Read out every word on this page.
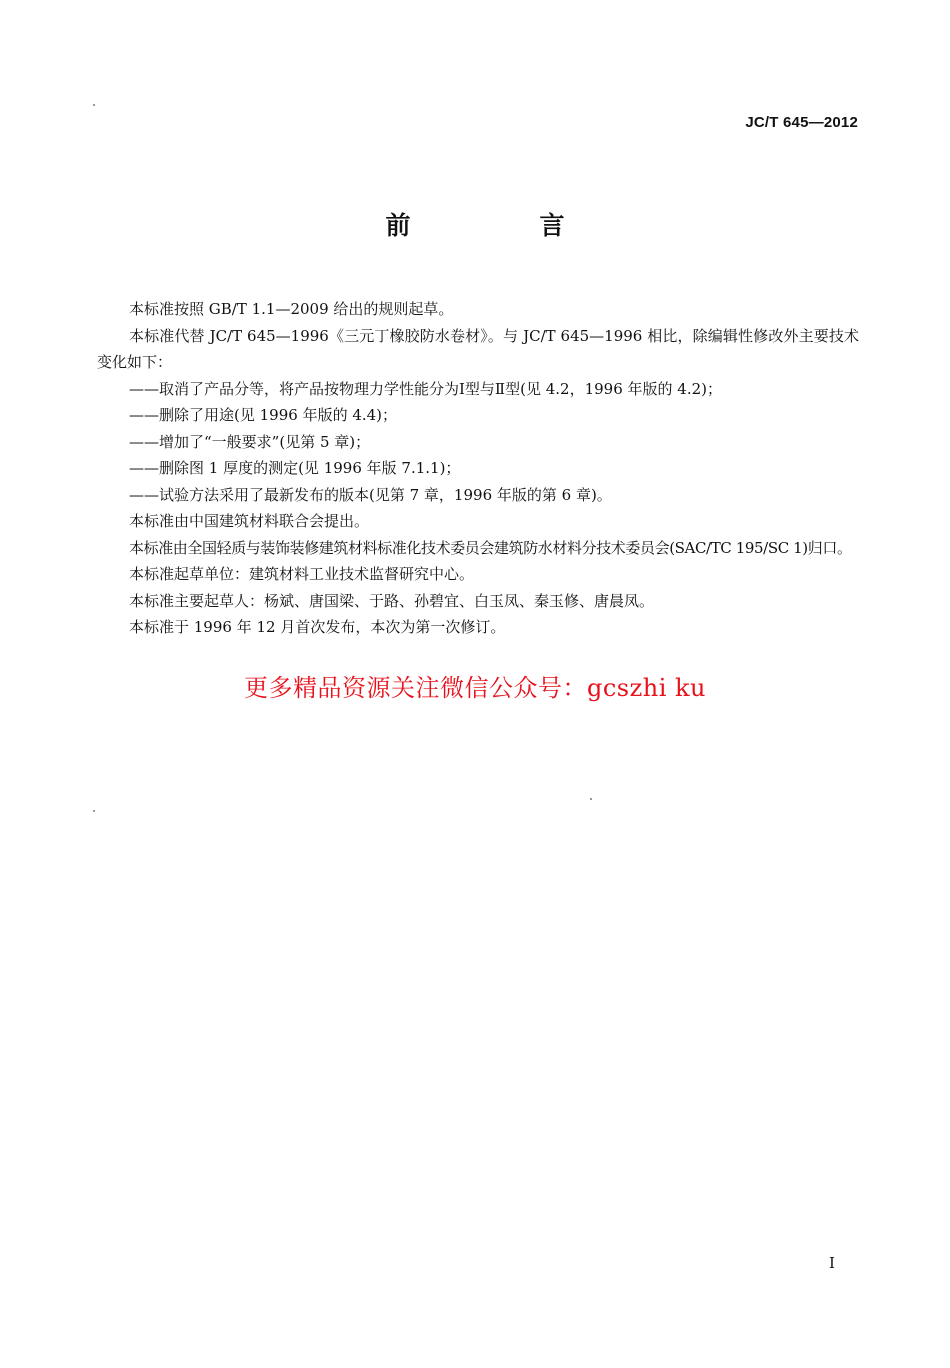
JC/T 645—2012
前　言

本标准按照 GB/T 1.1—2009 给出的规则起草。

本标准代替 JC/T 645—1996《三元丁橡胶防水卷材》。与 JC/T 645—1996 相比，除编辑性修改外主要技术变化如下：

——取消了产品分等，将产品按物理力学性能分为Ⅰ型与Ⅱ型(见 4.2，1996 年版的 4.2)；

——删除了用途(见 1996 年版的 4.4)；

——增加了“一般要求”(见第 5 章)；

——删除图 1 厚度的测定(见 1996 年版 7.1.1)；

——试验方法采用了最新发布的版本(见第 7 章，1996 年版的第 6 章)。

本标准由中国建筑材料联合会提出。

本标准由全国轻质与装饰装修建筑材料标准化技术委员会建筑防水材料分技术委员会(SAC/TC 195/SC 1)归口。

本标准起草单位：建筑材料工业技术监督研究中心。

本标准主要起草人：杨斌、唐国梁、于路、孙碧宜、白玉凤、秦玉修、唐晨凤。

本标准于 1996 年 12 月首次发布，本次为第一次修订。

更多精品资源关注微信公众号：gcszhi ku
I
